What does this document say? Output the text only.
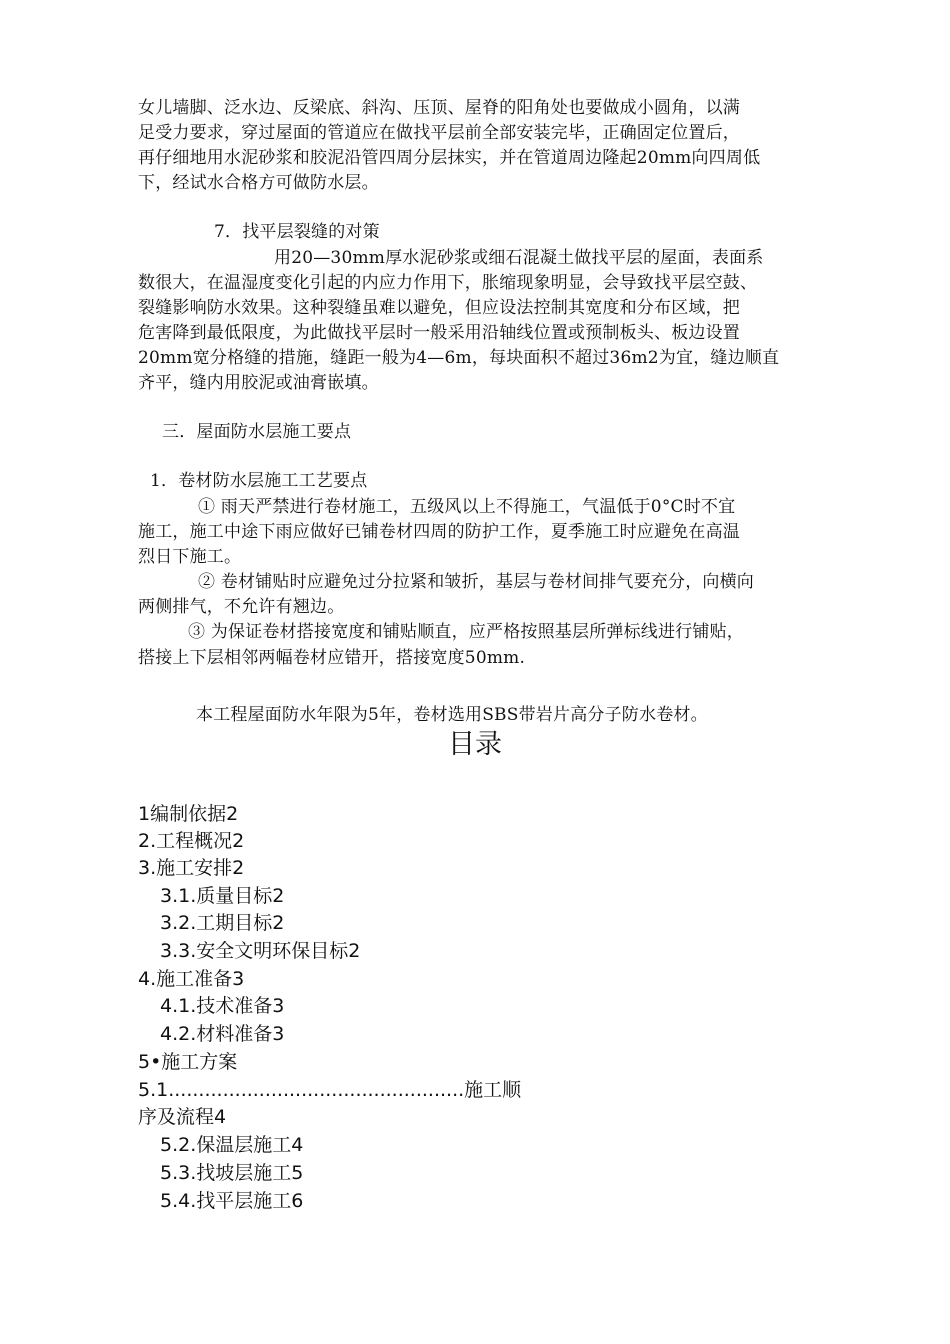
女儿墙脚、泛水边、反梁底、斜沟、压顶、屋脊的阳角处也要做成小圆角，以满
足受力要求，穿过屋面的管道应在做找平层前全部安装完毕，正确固定位置后，
再仔细地用水泥砂浆和胶泥沿管四周分层抹实，并在管道周边隆起20mm向四周低
下，经试水合格方可做防水层。
7．找平层裂缝的对策
用20—30mm厚水泥砂浆或细石混凝土做找平层的屋面，表面系
数很大，在温湿度变化引起的内应力作用下，胀缩现象明显，会导致找平层空鼓、
裂缝影响防水效果。这种裂缝虽难以避免，但应设法控制其宽度和分布区域，把
危害降到最低限度，为此做找平层时一般采用沿轴线位置或预制板头、板边设置
20mm宽分格缝的措施，缝距一般为4—6m，每块面积不超过36m2为宜，缝边顺直
齐平，缝内用胶泥或油膏嵌填。
三．屋面防水层施工要点
1．卷材防水层施工工艺要点
① 雨天严禁进行卷材施工，五级风以上不得施工，气温低于0°C时不宜
施工，施工中途下雨应做好已铺卷材四周的防护工作，夏季施工时应避免在高温
烈日下施工。
② 卷材铺贴时应避免过分拉紧和皱折，基层与卷材间排气要充分，向横向
两侧排气，不允许有翘边。
③ 为保证卷材搭接宽度和铺贴顺直，应严格按照基层所弹标线进行铺贴，
搭接上下层相邻两幅卷材应错开，搭接宽度50mm.
本工程屋面防水年限为5年，卷材选用SBS带岩片高分子防水卷材。
目录
1编制依据2
2.工程概况2
3.施工安排2
3.1.质量目标2
3.2.工期目标2
3.3.安全文明环保目标2
4.施工准备3
4.1.技术准备3
4.2.材料准备3
5•施工方案
5.1.................................................施工顺
序及流程4
5.2.保温层施工4
5.3.找坡层施工5
5.4.找平层施工6
